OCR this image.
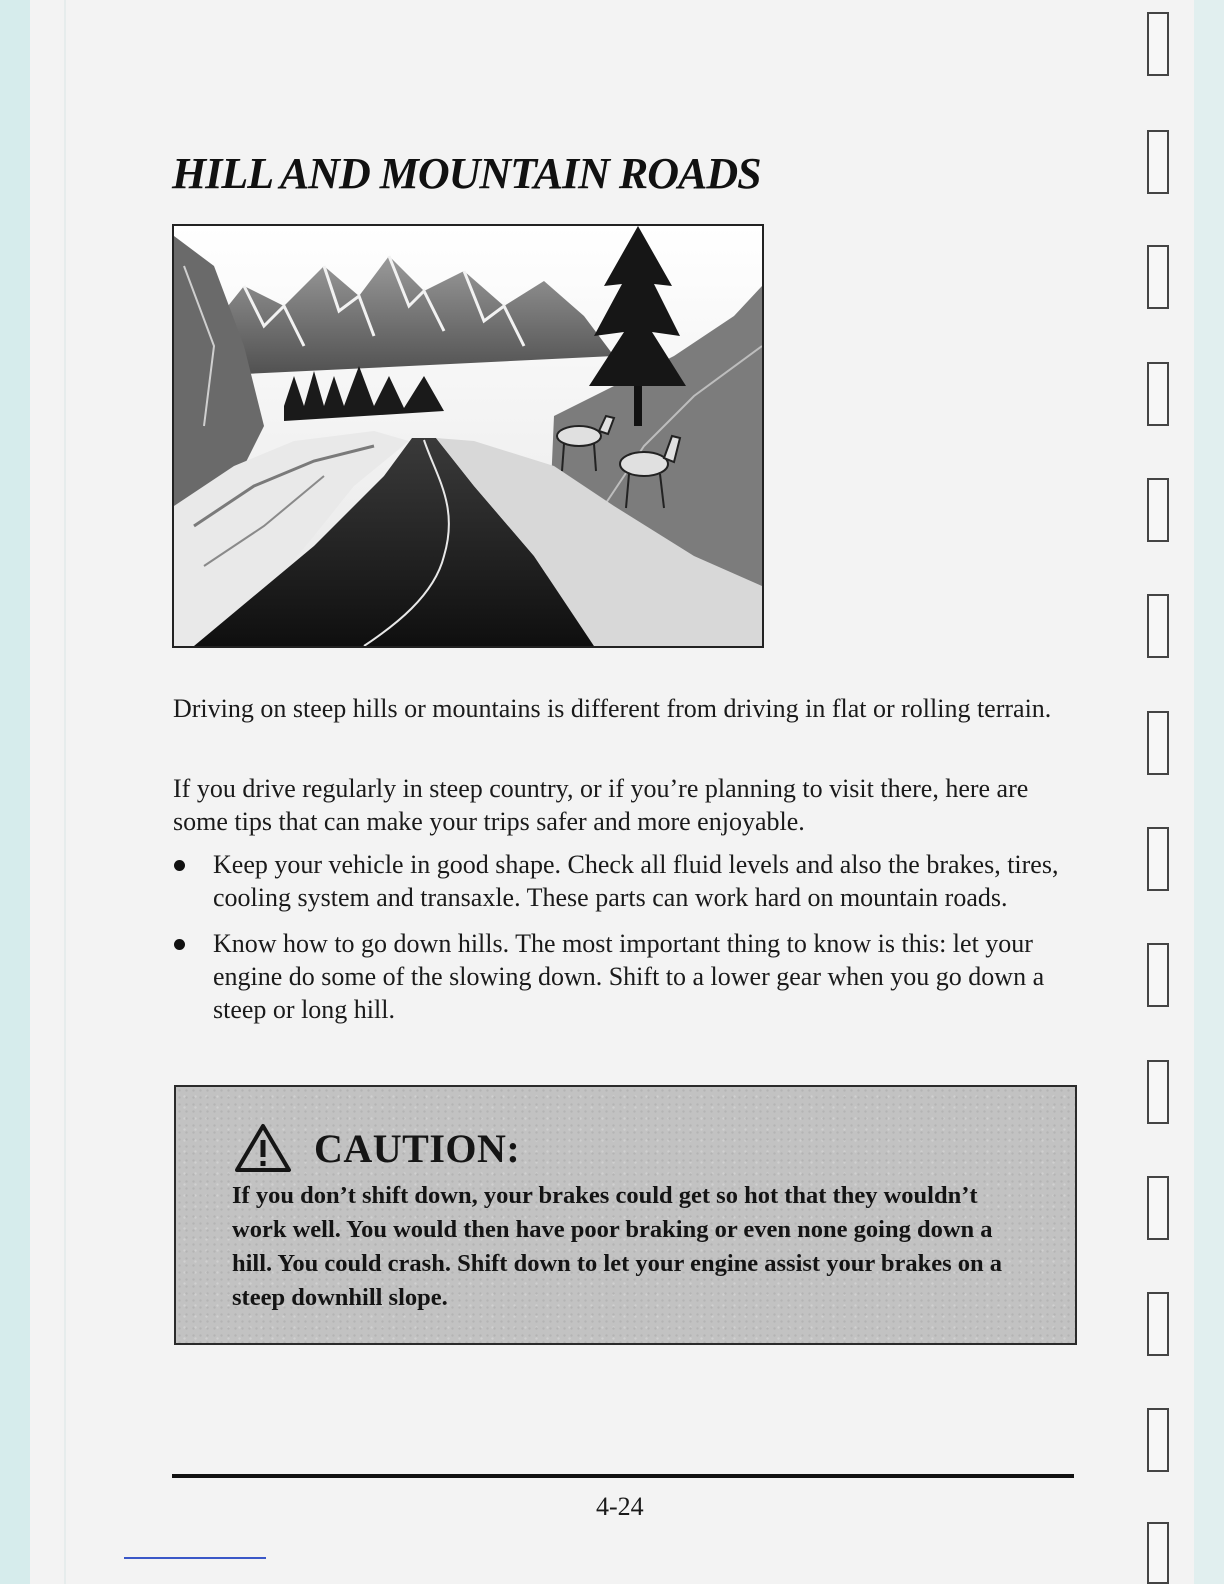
HILL AND MOUNTAIN ROADS

Driving on steep hills or mountains is different from driving in flat or rolling terrain.

If you drive regularly in steep country, or if you’re planning to visit there, here are some tips that can make your trips safer and more enjoyable.

Keep your vehicle in good shape. Check all fluid levels and also the brakes, tires, cooling system and transaxle. These parts can work hard on mountain roads.
Know how to go down hills. The most important thing to know is this: let your engine do some of the slowing down. Shift to a lower gear when you go down a steep or long hill.
CAUTION:

If you don’t shift down, your brakes could get so hot that they wouldn’t work well. You would then have poor braking or even none going down a hill. You could crash. Shift down to let your engine assist your brakes on a steep downhill slope.

4-24
